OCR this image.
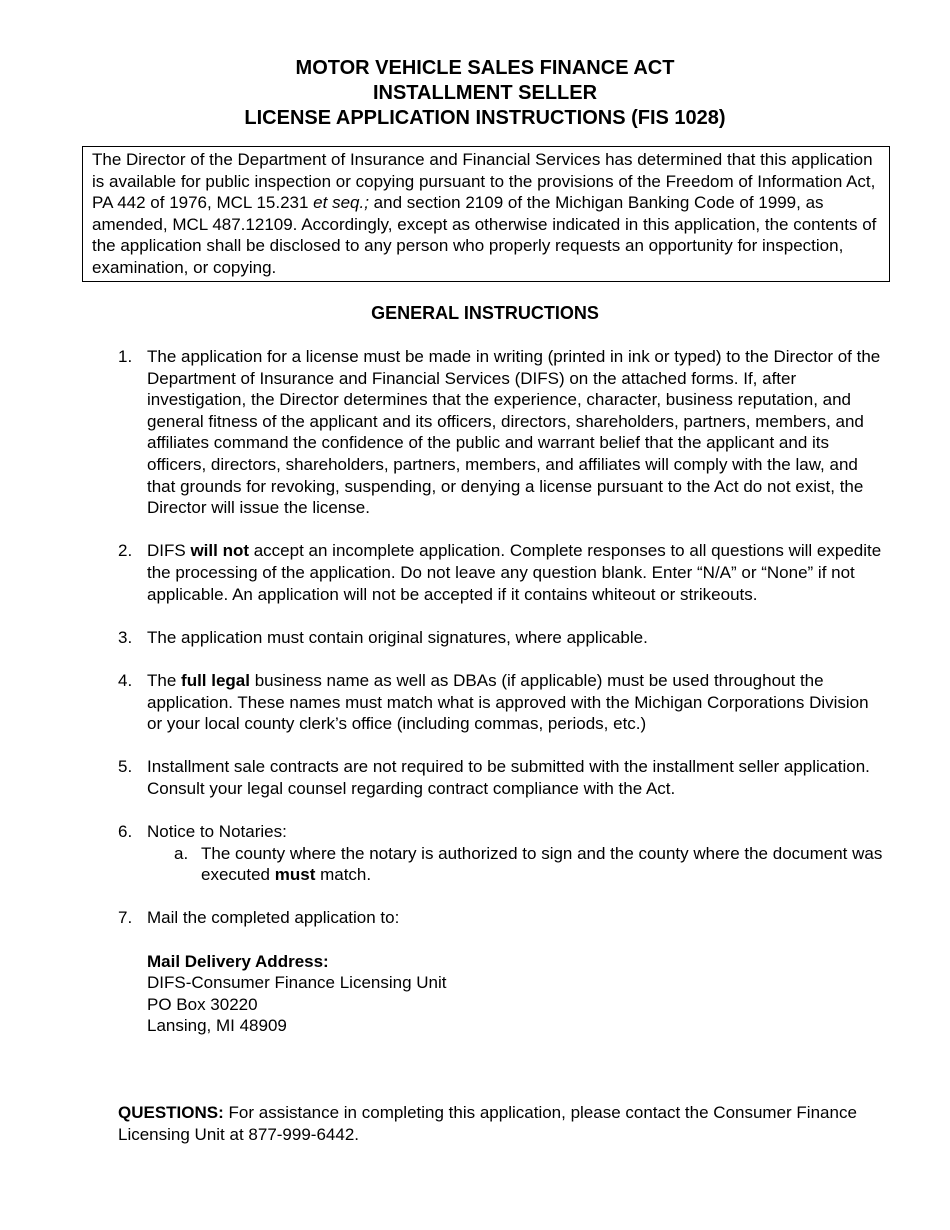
MOTOR VEHICLE SALES FINANCE ACT
INSTALLMENT SELLER
LICENSE APPLICATION INSTRUCTIONS (FIS 1028)
The Director of the Department of Insurance and Financial Services has determined that this application is available for public inspection or copying pursuant to the provisions of the Freedom of Information Act, PA 442 of 1976, MCL 15.231 et seq.; and section 2109 of the Michigan Banking Code of 1999, as amended, MCL 487.12109. Accordingly, except as otherwise indicated in this application, the contents of the application shall be disclosed to any person who properly requests an opportunity for inspection, examination, or copying.
GENERAL INSTRUCTIONS
1. The application for a license must be made in writing (printed in ink or typed) to the Director of the Department of Insurance and Financial Services (DIFS) on the attached forms. If, after investigation, the Director determines that the experience, character, business reputation, and general fitness of the applicant and its officers, directors, shareholders, partners, members, and affiliates command the confidence of the public and warrant belief that the applicant and its officers, directors, shareholders, partners, members, and affiliates will comply with the law, and that grounds for revoking, suspending, or denying a license pursuant to the Act do not exist, the Director will issue the license.
2. DIFS will not accept an incomplete application. Complete responses to all questions will expedite the processing of the application. Do not leave any question blank. Enter “N/A” or “None” if not applicable. An application will not be accepted if it contains whiteout or strikeouts.
3. The application must contain original signatures, where applicable.
4. The full legal business name as well as DBAs (if applicable) must be used throughout the application. These names must match what is approved with the Michigan Corporations Division or your local county clerk’s office (including commas, periods, etc.)
5. Installment sale contracts are not required to be submitted with the installment seller application. Consult your legal counsel regarding contract compliance with the Act.
6. Notice to Notaries:
a. The county where the notary is authorized to sign and the county where the document was executed must match.
7. Mail the completed application to:
Mail Delivery Address:
DIFS-Consumer Finance Licensing Unit
PO Box 30220
Lansing, MI 48909
QUESTIONS: For assistance in completing this application, please contact the Consumer Finance Licensing Unit at 877-999-6442.
